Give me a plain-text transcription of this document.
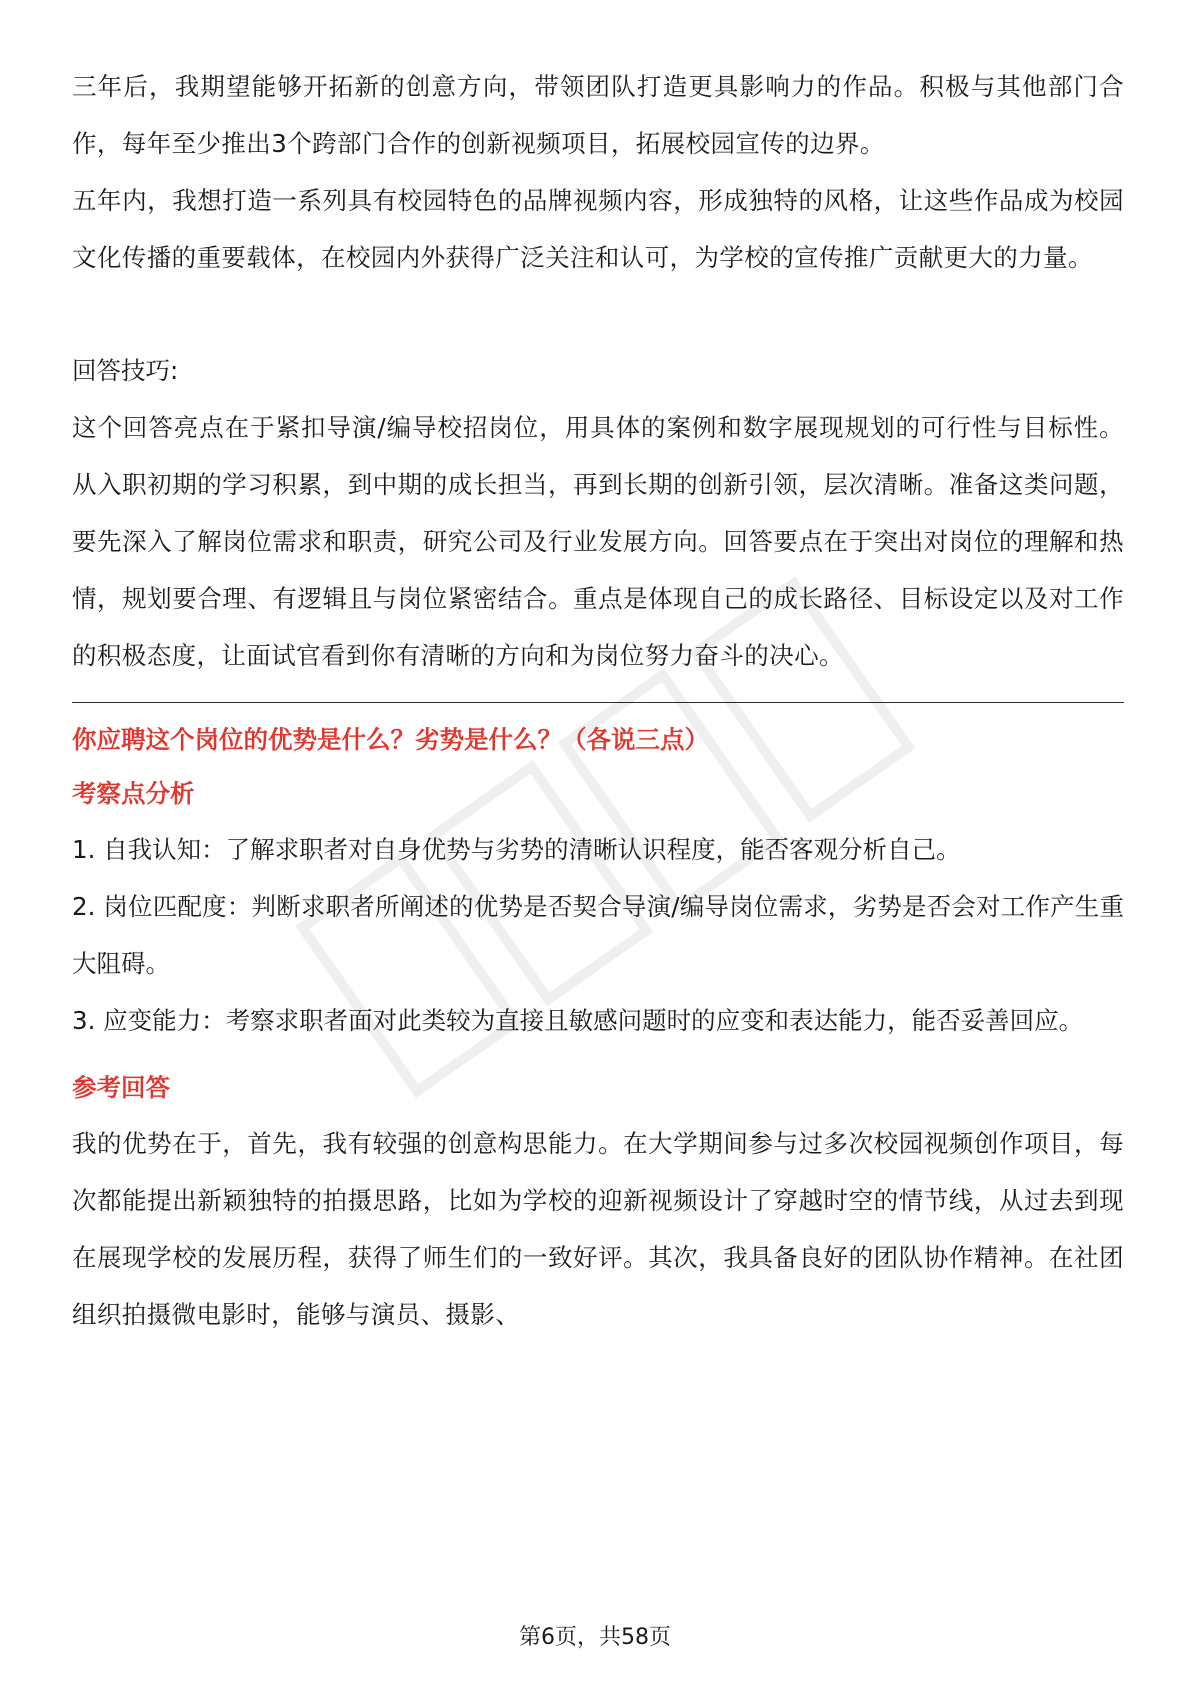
三年后，我期望能够开拓新的创意方向，带领团队打造更具影响力的作品。积极与其他部门合作，每年至少推出3个跨部门合作的创新视频项目，拓展校园宣传的边界。

五年内，我想打造一系列具有校园特色的品牌视频内容，形成独特的风格，让这些作品成为校园文化传播的重要载体，在校园内外获得广泛关注和认可，为学校的宣传推广贡献更大的力量。

回答技巧:

这个回答亮点在于紧扣导演/编导校招岗位，用具体的案例和数字展现规划的可行性与目标性。从入职初期的学习积累，到中期的成长担当，再到长期的创新引领，层次清晰。准备这类问题，要先深入了解岗位需求和职责，研究公司及行业发展方向。回答要点在于突出对岗位的理解和热情，规划要合理、有逻辑且与岗位紧密结合。重点是体现自己的成长路径、目标设定以及对工作的积极态度，让面试官看到你有清晰的方向和为岗位努力奋斗的决心。

你应聘这个岗位的优势是什么？劣势是什么？（各说三点）

考察点分析

1. 自我认知：了解求职者对自身优势与劣势的清晰认识程度，能否客观分析自己。

2. 岗位匹配度：判断求职者所阐述的优势是否契合导演/编导岗位需求，劣势是否会对工作产生重大阻碍。

3. 应变能力：考察求职者面对此类较为直接且敏感问题时的应变和表达能力，能否妥善回应。

参考回答

我的优势在于，首先，我有较强的创意构思能力。在大学期间参与过多次校园视频创作项目，每次都能提出新颖独特的拍摄思路，比如为学校的迎新视频设计了穿越时空的情节线，从过去到现在展现学校的发展历程，获得了师生们的一致好评。其次，我具备良好的团队协作精神。在社团组织拍摄微电影时，能够与演员、摄影、

第6页，共58页
